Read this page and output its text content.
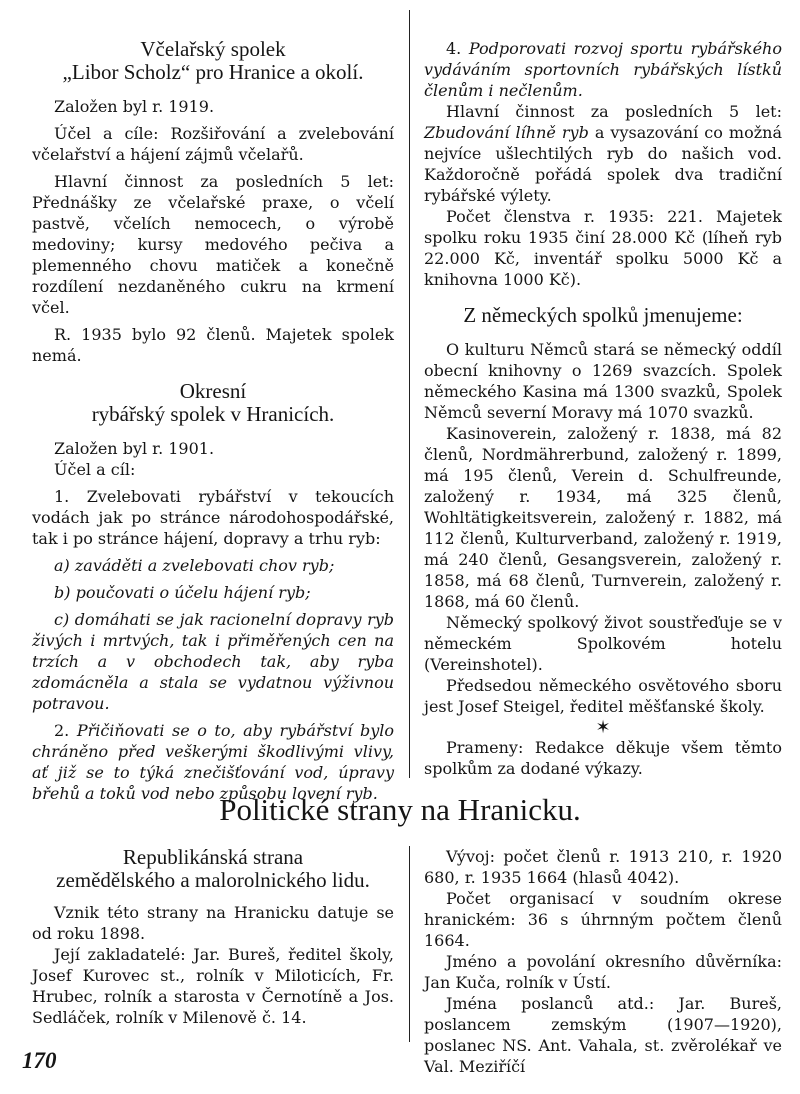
Včelařský spolek
„Libor Scholz“ pro Hranice a okolí.

Založen byl r. 1919.

Účel a cíle: Rozšiřování a zvelebování včelařství a hájení zájmů včelařů.

Hlavní činnost za posledních 5 let: Přednášky ze včelařské praxe, o včelí pastvě, včelích nemocech, o výrobě medoviny; kursy medového pečiva a plemenného chovu matiček a konečně rozdílení nezdaněného cukru na krmení včel.

R. 1935 bylo 92 členů. Majetek spolek nemá.

Okresní
rybářský spolek v Hranicích.

Založen byl r. 1901.

Účel a cíl:

1. Zvelebovati rybářství v tekoucích vodách jak po stránce národohospodářské, tak i po stránce hájení, dopravy a trhu ryb:

a) zaváděti a zvelebovati chov ryb;

b) poučovati o účelu hájení ryb;

c) domáhati se jak racionelní dopravy ryb živých i mrtvých, tak i přiměřených cen na trzích a v obchodech tak, aby ryba zdomácněla a stala se vydatnou výživnou potravou.

2. Přičiňovati se o to, aby rybářství bylo chráněno před veškerými škodlivými vlivy, ať již se to týká znečišťování vod, úpravy břehů a toků vod nebo způsobu lovení ryb.

4. Podporovati rozvoj sportu rybářského vydáváním sportovních rybářských lístků členům i nečlenům.

Hlavní činnost za posledních 5 let: Zbudování líhně ryb a vysazování co možná nejvíce ušlechtilých ryb do našich vod. Každoročně pořádá spolek dva tradiční rybářské výlety.

Počet členstva r. 1935: 221. Majetek spolku roku 1935 činí 28.000 Kč (líheň ryb 22.000 Kč, inventář spolku 5000 Kč a knihovna 1000 Kč).

Z německých spolků jmenujeme:

O kulturu Němců stará se německý oddíl obecní knihovny o 1269 svazcích. Spolek německého Kasina má 1300 svazků, Spolek Němců severní Moravy má 1070 svazků.

Kasinoverein, založený r. 1838, má 82 členů, Nordmährerbund, založený r. 1899, má 195 členů, Verein d. Schulfreunde, založený r. 1934, má 325 členů, Wohltätigkeitsverein, založený r. 1882, má 112 členů, Kulturverband, založený r. 1919, má 240 členů, Gesangsverein, založený r. 1858, má 68 členů, Turnverein, založený r. 1868, má 60 členů.

Německý spolkový život soustřeďuje se v německém Spolkovém hotelu (Vereinshotel).

Předsedou německého osvětového sboru jest Josef Steigel, ředitel měšťanské školy.

✶

Prameny: Redakce děkuje všem těmto spolkům za dodané výkazy.

Politické strany na Hranicku.
Republikánská strana
zemědělského a malorolnického lidu.

Vznik této strany na Hranicku datuje se od roku 1898.

Její zakladatelé: Jar. Bureš, ředitel školy, Josef Kurovec st., rolník v Miloticích, Fr. Hrubec, rolník a starosta v Černotíně a Jos. Sedláček, rolník v Milenově č. 14.

Vývoj: počet členů r. 1913 210, r. 1920 680, r. 1935 1664 (hlasů 4042).

Počet organisací v soudním okrese hranickém: 36 s úhrnným počtem členů 1664.

Jméno a povolání okresního důvěrníka: Jan Kuča, rolník v Ústí.

Jména poslanců atd.: Jar. Bureš, poslancem zemským (1907—1920), poslanec NS. Ant. Vahala, st. zvěrolékař ve Val. Meziříčí

170
